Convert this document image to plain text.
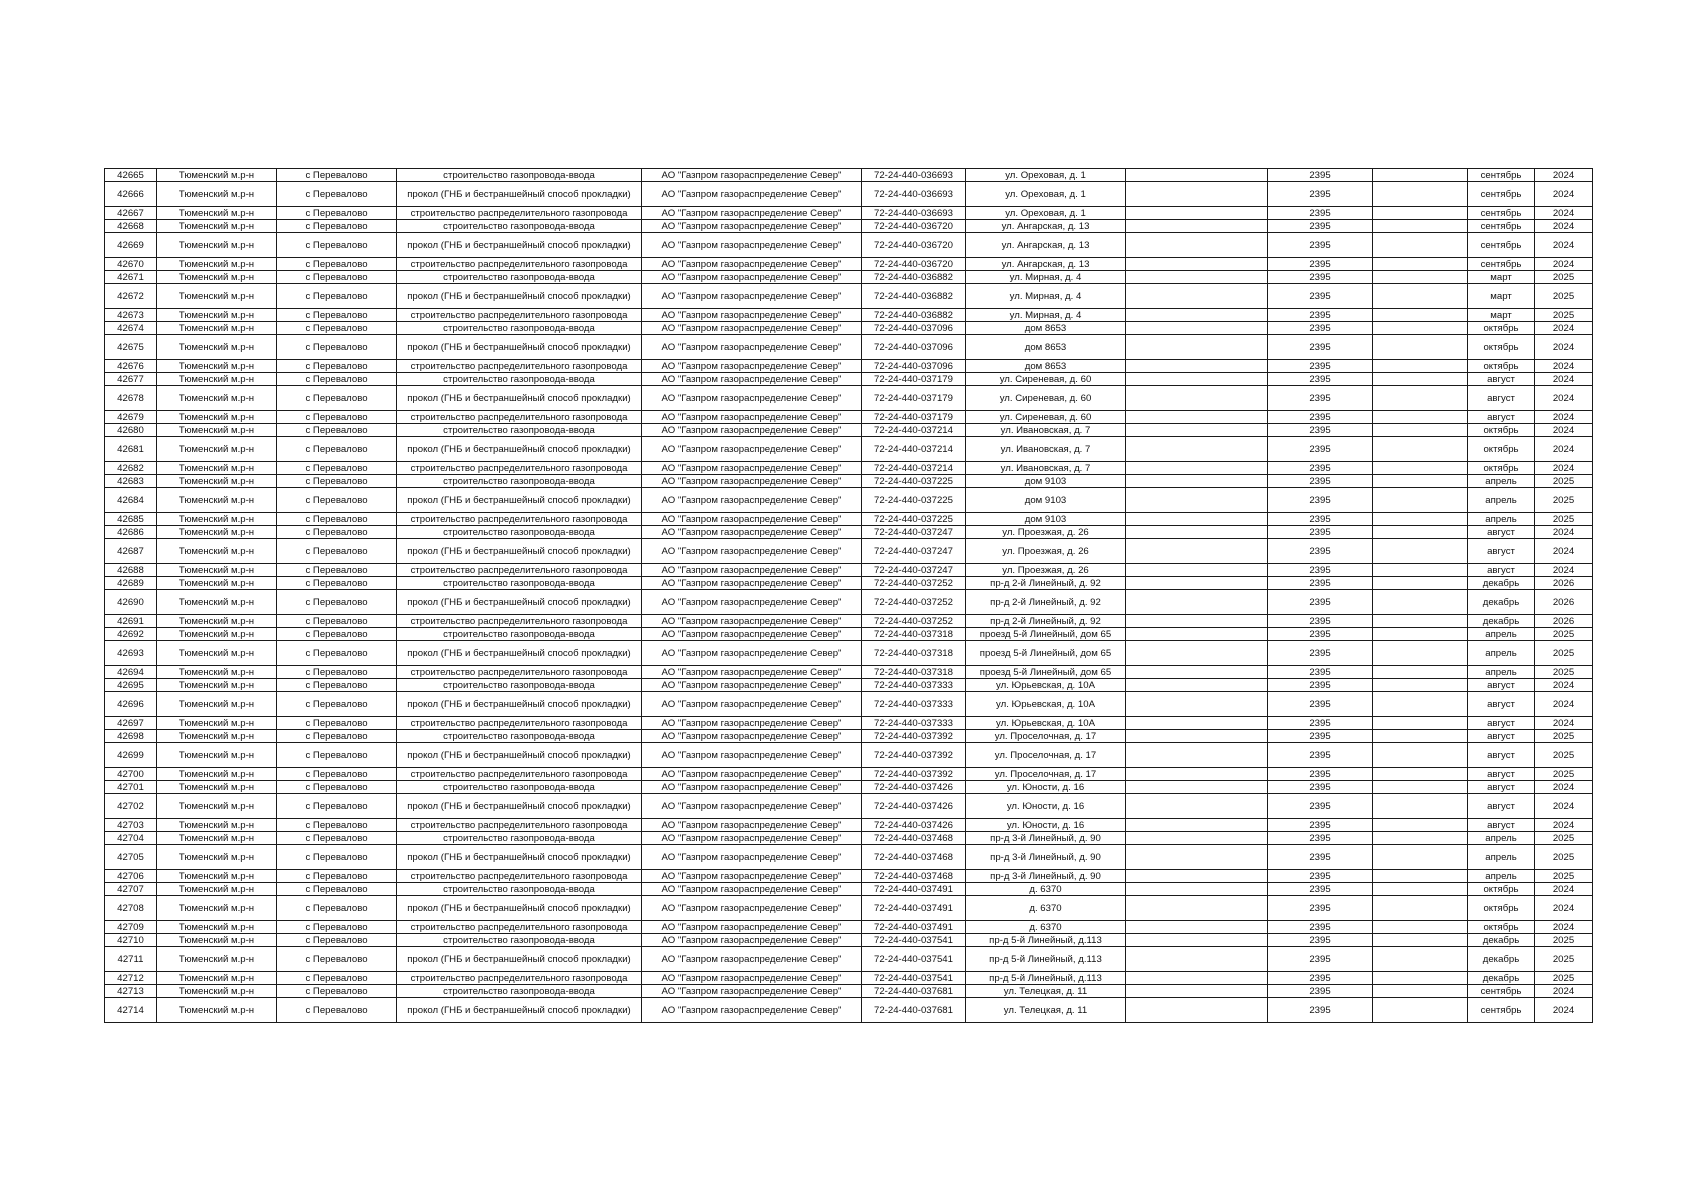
42665	Тюменский м.р-н	с Перевалово	строительство газопровода-ввода	АО "Газпром газораспределение Север"	72-24-440-036693	ул. Ореховая, д. 1		2395		сентябрь	2024
42666	Тюменский м.р-н	с Перевалово	прокол (ГНБ и бестраншейный способ прокладки)	АО "Газпром газораспределение Север"	72-24-440-036693	ул. Ореховая, д. 1		2395		сентябрь	2024
42667	Тюменский м.р-н	с Перевалово	строительство распределительного газопровода	АО "Газпром газораспределение Север"	72-24-440-036693	ул. Ореховая, д. 1		2395		сентябрь	2024
42668	Тюменский м.р-н	с Перевалово	строительство газопровода-ввода	АО "Газпром газораспределение Север"	72-24-440-036720	ул. Ангарская, д. 13		2395		сентябрь	2024
42669	Тюменский м.р-н	с Перевалово	прокол (ГНБ и бестраншейный способ прокладки)	АО "Газпром газораспределение Север"	72-24-440-036720	ул. Ангарская, д. 13		2395		сентябрь	2024
42670	Тюменский м.р-н	с Перевалово	строительство распределительного газопровода	АО "Газпром газораспределение Север"	72-24-440-036720	ул. Ангарская, д. 13		2395		сентябрь	2024
42671	Тюменский м.р-н	с Перевалово	строительство газопровода-ввода	АО "Газпром газораспределение Север"	72-24-440-036882	ул. Мирная, д. 4		2395		март	2025
42672	Тюменский м.р-н	с Перевалово	прокол (ГНБ и бестраншейный способ прокладки)	АО "Газпром газораспределение Север"	72-24-440-036882	ул. Мирная, д. 4		2395		март	2025
42673	Тюменский м.р-н	с Перевалово	строительство распределительного газопровода	АО "Газпром газораспределение Север"	72-24-440-036882	ул. Мирная, д. 4		2395		март	2025
42674	Тюменский м.р-н	с Перевалово	строительство газопровода-ввода	АО "Газпром газораспределение Север"	72-24-440-037096	дом 8653		2395		октябрь	2024
42675	Тюменский м.р-н	с Перевалово	прокол (ГНБ и бестраншейный способ прокладки)	АО "Газпром газораспределение Север"	72-24-440-037096	дом 8653		2395		октябрь	2024
42676	Тюменский м.р-н	с Перевалово	строительство распределительного газопровода	АО "Газпром газораспределение Север"	72-24-440-037096	дом 8653		2395		октябрь	2024
42677	Тюменский м.р-н	с Перевалово	строительство газопровода-ввода	АО "Газпром газораспределение Север"	72-24-440-037179	ул. Сиреневая, д. 60		2395		август	2024
42678	Тюменский м.р-н	с Перевалово	прокол (ГНБ и бестраншейный способ прокладки)	АО "Газпром газораспределение Север"	72-24-440-037179	ул. Сиреневая, д. 60		2395		август	2024
42679	Тюменский м.р-н	с Перевалово	строительство распределительного газопровода	АО "Газпром газораспределение Север"	72-24-440-037179	ул. Сиреневая, д. 60		2395		август	2024
42680	Тюменский м.р-н	с Перевалово	строительство газопровода-ввода	АО "Газпром газораспределение Север"	72-24-440-037214	ул. Ивановская, д. 7		2395		октябрь	2024
42681	Тюменский м.р-н	с Перевалово	прокол (ГНБ и бестраншейный способ прокладки)	АО "Газпром газораспределение Север"	72-24-440-037214	ул. Ивановская, д. 7		2395		октябрь	2024
42682	Тюменский м.р-н	с Перевалово	строительство распределительного газопровода	АО "Газпром газораспределение Север"	72-24-440-037214	ул. Ивановская, д. 7		2395		октябрь	2024
42683	Тюменский м.р-н	с Перевалово	строительство газопровода-ввода	АО "Газпром газораспределение Север"	72-24-440-037225	дом 9103		2395		апрель	2025
42684	Тюменский м.р-н	с Перевалово	прокол (ГНБ и бестраншейный способ прокладки)	АО "Газпром газораспределение Север"	72-24-440-037225	дом 9103		2395		апрель	2025
42685	Тюменский м.р-н	с Перевалово	строительство распределительного газопровода	АО "Газпром газораспределение Север"	72-24-440-037225	дом 9103		2395		апрель	2025
42686	Тюменский м.р-н	с Перевалово	строительство газопровода-ввода	АО "Газпром газораспределение Север"	72-24-440-037247	ул. Проезжая, д. 26		2395		август	2024
42687	Тюменский м.р-н	с Перевалово	прокол (ГНБ и бестраншейный способ прокладки)	АО "Газпром газораспределение Север"	72-24-440-037247	ул. Проезжая, д. 26		2395		август	2024
42688	Тюменский м.р-н	с Перевалово	строительство распределительного газопровода	АО "Газпром газораспределение Север"	72-24-440-037247	ул. Проезжая, д. 26		2395		август	2024
42689	Тюменский м.р-н	с Перевалово	строительство газопровода-ввода	АО "Газпром газораспределение Север"	72-24-440-037252	пр-д 2-й Линейный, д. 92		2395		декабрь	2026
42690	Тюменский м.р-н	с Перевалово	прокол (ГНБ и бестраншейный способ прокладки)	АО "Газпром газораспределение Север"	72-24-440-037252	пр-д 2-й Линейный, д. 92		2395		декабрь	2026
42691	Тюменский м.р-н	с Перевалово	строительство распределительного газопровода	АО "Газпром газораспределение Север"	72-24-440-037252	пр-д 2-й Линейный, д. 92		2395		декабрь	2026
42692	Тюменский м.р-н	с Перевалово	строительство газопровода-ввода	АО "Газпром газораспределение Север"	72-24-440-037318	проезд 5-й Линейный, дом 65		2395		апрель	2025
42693	Тюменский м.р-н	с Перевалово	прокол (ГНБ и бестраншейный способ прокладки)	АО "Газпром газораспределение Север"	72-24-440-037318	проезд 5-й Линейный, дом 65		2395		апрель	2025
42694	Тюменский м.р-н	с Перевалово	строительство распределительного газопровода	АО "Газпром газораспределение Север"	72-24-440-037318	проезд 5-й Линейный, дом 65		2395		апрель	2025
42695	Тюменский м.р-н	с Перевалово	строительство газопровода-ввода	АО "Газпром газораспределение Север"	72-24-440-037333	ул. Юрьевская, д. 10А		2395		август	2024
42696	Тюменский м.р-н	с Перевалово	прокол (ГНБ и бестраншейный способ прокладки)	АО "Газпром газораспределение Север"	72-24-440-037333	ул. Юрьевская, д. 10А		2395		август	2024
42697	Тюменский м.р-н	с Перевалово	строительство распределительного газопровода	АО "Газпром газораспределение Север"	72-24-440-037333	ул. Юрьевская, д. 10А		2395		август	2024
42698	Тюменский м.р-н	с Перевалово	строительство газопровода-ввода	АО "Газпром газораспределение Север"	72-24-440-037392	ул. Проселочная, д. 17		2395		август	2025
42699	Тюменский м.р-н	с Перевалово	прокол (ГНБ и бестраншейный способ прокладки)	АО "Газпром газораспределение Север"	72-24-440-037392	ул. Проселочная, д. 17		2395		август	2025
42700	Тюменский м.р-н	с Перевалово	строительство распределительного газопровода	АО "Газпром газораспределение Север"	72-24-440-037392	ул. Проселочная, д. 17		2395		август	2025
42701	Тюменский м.р-н	с Перевалово	строительство газопровода-ввода	АО "Газпром газораспределение Север"	72-24-440-037426	ул. Юности, д. 16		2395		август	2024
42702	Тюменский м.р-н	с Перевалово	прокол (ГНБ и бестраншейный способ прокладки)	АО "Газпром газораспределение Север"	72-24-440-037426	ул. Юности, д. 16		2395		август	2024
42703	Тюменский м.р-н	с Перевалово	строительство распределительного газопровода	АО "Газпром газораспределение Север"	72-24-440-037426	ул. Юности, д. 16		2395		август	2024
42704	Тюменский м.р-н	с Перевалово	строительство газопровода-ввода	АО "Газпром газораспределение Север"	72-24-440-037468	пр-д 3-й Линейный, д. 90		2395		апрель	2025
42705	Тюменский м.р-н	с Перевалово	прокол (ГНБ и бестраншейный способ прокладки)	АО "Газпром газораспределение Север"	72-24-440-037468	пр-д 3-й Линейный, д. 90		2395		апрель	2025
42706	Тюменский м.р-н	с Перевалово	строительство распределительного газопровода	АО "Газпром газораспределение Север"	72-24-440-037468	пр-д 3-й Линейный, д. 90		2395		апрель	2025
42707	Тюменский м.р-н	с Перевалово	строительство газопровода-ввода	АО "Газпром газораспределение Север"	72-24-440-037491	д. 6370		2395		октябрь	2024
42708	Тюменский м.р-н	с Перевалово	прокол (ГНБ и бестраншейный способ прокладки)	АО "Газпром газораспределение Север"	72-24-440-037491	д. 6370		2395		октябрь	2024
42709	Тюменский м.р-н	с Перевалово	строительство распределительного газопровода	АО "Газпром газораспределение Север"	72-24-440-037491	д. 6370		2395		октябрь	2024
42710	Тюменский м.р-н	с Перевалово	строительство газопровода-ввода	АО "Газпром газораспределение Север"	72-24-440-037541	пр-д 5-й Линейный, д.113		2395		декабрь	2025
42711	Тюменский м.р-н	с Перевалово	прокол (ГНБ и бестраншейный способ прокладки)	АО "Газпром газораспределение Север"	72-24-440-037541	пр-д 5-й Линейный, д.113		2395		декабрь	2025
42712	Тюменский м.р-н	с Перевалово	строительство распределительного газопровода	АО "Газпром газораспределение Север"	72-24-440-037541	пр-д 5-й Линейный, д.113		2395		декабрь	2025
42713	Тюменский м.р-н	с Перевалово	строительство газопровода-ввода	АО "Газпром газораспределение Север"	72-24-440-037681	ул. Телецкая, д. 11		2395		сентябрь	2024
42714	Тюменский м.р-н	с Перевалово	прокол (ГНБ и бестраншейный способ прокладки)	АО "Газпром газораспределение Север"	72-24-440-037681	ул. Телецкая, д. 11		2395		сентябрь	2024
